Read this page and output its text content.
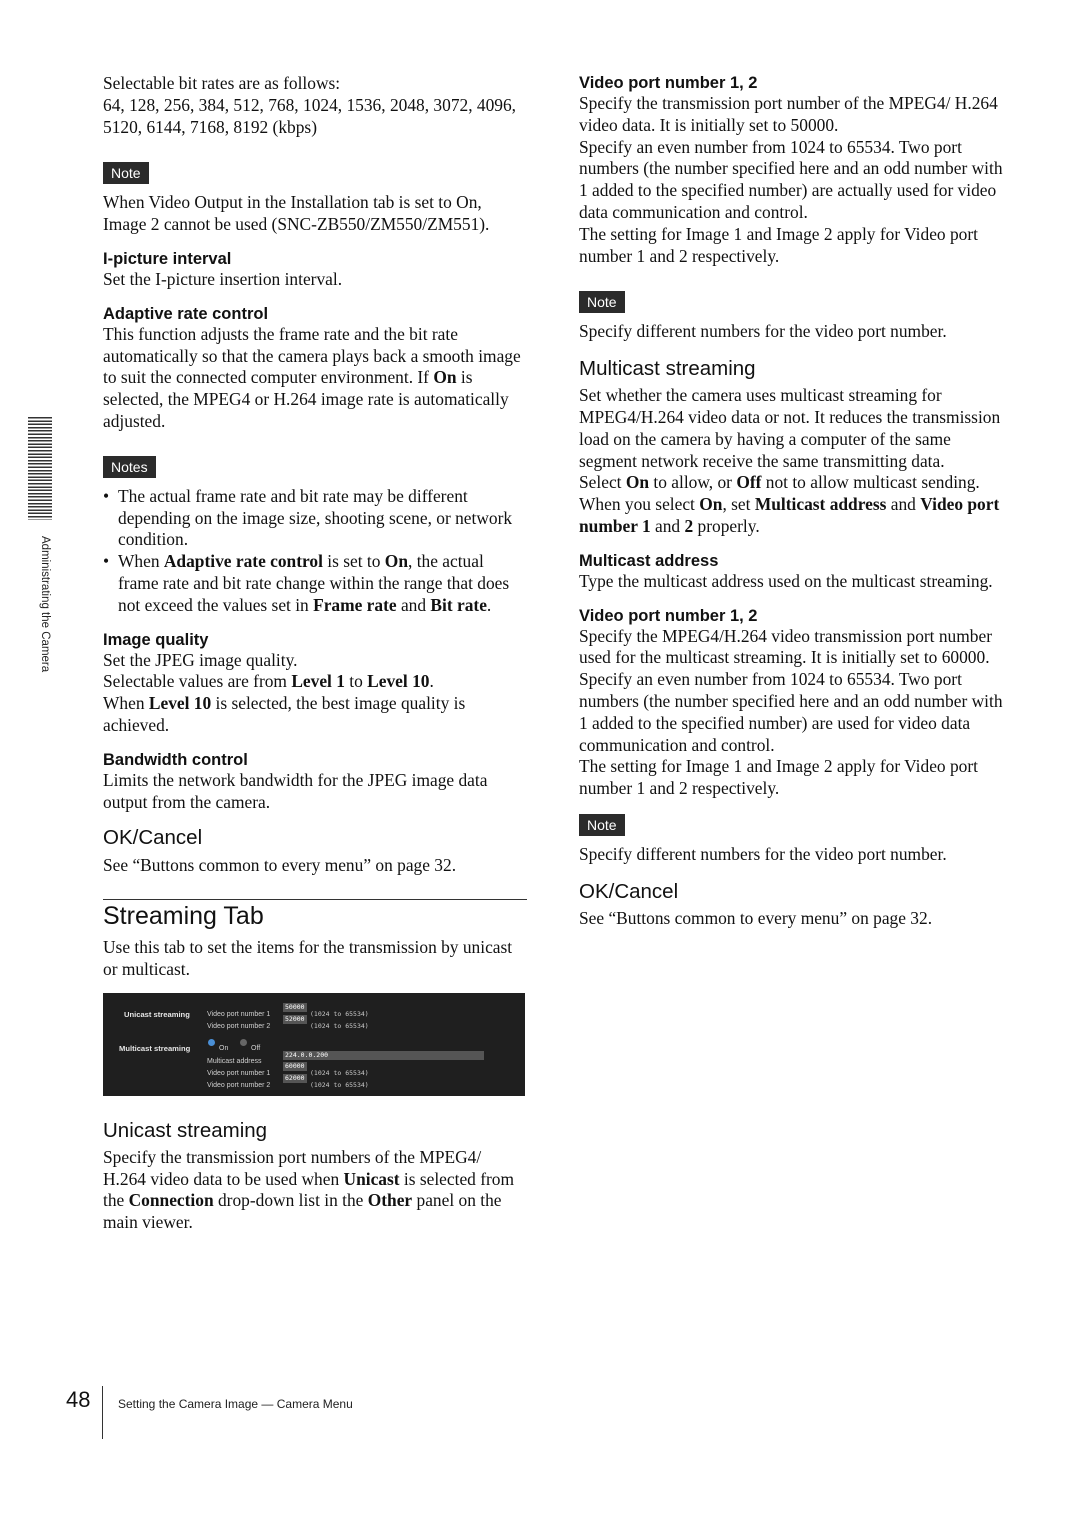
Administrating the Camera

Selectable bit rates are as follows:

64, 128, 256, 384, 512, 768, 1024, 1536, 2048, 3072, 4096, 5120, 6144, 7168, 8192 (kbps)

Note

When Video Output in the Installation tab is set to On, Image 2 cannot be used (SNC-ZB550/ZM550/ZM551).

I-picture interval

Set the I-picture insertion interval.

Adaptive rate control

This function adjusts the frame rate and the bit rate automatically so that the camera plays back a smooth image to suit the connected computer environment. If On is selected, the MPEG4 or H.264 image rate is automatically adjusted.

Notes
• The actual frame rate and bit rate may be different depending on the image size, shooting scene, or network condition.
• When Adaptive rate control is set to On, the actual frame rate and bit rate change within the range that does not exceed the values set in Frame rate and Bit rate.

Image quality

Set the JPEG image quality.

Selectable values are from Level 1 to Level 10.

When Level 10 is selected, the best image quality is achieved.

Bandwidth control

Limits the network bandwidth for the JPEG image data output from the camera.

OK/Cancel

See “Buttons common to every menu” on page 32.

Streaming Tab

Use this tab to set the items for the transmission by unicast or multicast.

Unicast streaming Video port number 1
50000
(1024 to 65534)
Video port number 2
52000
(1024 to 65534)
Multicast streaming	On	Off
Multicast address
224.0.0.200
Video port number 1
60000
(1024 to 65534)
Video port number 2
62000
(1024 to 65534)

Unicast streaming

Specify the transmission port numbers of the MPEG4/ H.264 video data to be used when Unicast is selected from the Connection drop-down list in the Other panel on the main viewer.

Video port number 1, 2

Specify the transmission port number of the MPEG4/ H.264 video data. It is initially set to 50000.

Specify an even number from 1024 to 65534. Two port numbers (the number specified here and an odd number with 1 added to the specified number) are actually used for video data communication and control.

The setting for Image 1 and Image 2 apply for Video port number 1 and 2 respectively.

Note

Specify different numbers for the video port number.

Multicast streaming

Set whether the camera uses multicast streaming for MPEG4/H.264 video data or not. It reduces the transmission load on the camera by having a computer of the same segment network receive the same transmitting data.

Select On to allow, or Off not to allow multicast sending.

When you select On, set Multicast address and Video port number 1 and 2 properly.

Multicast address

Type the multicast address used on the multicast streaming.

Video port number 1, 2

Specify the MPEG4/H.264 video transmission port number used for the multicast streaming. It is initially set to 60000. Specify an even number from 1024 to 65534. Two port numbers (the number specified here and an odd number with 1 added to the specified number) are used for video data communication and control.

The setting for Image 1 and Image 2 apply for Video port number 1 and 2 respectively.

Note

Specify different numbers for the video port number.

OK/Cancel

See “Buttons common to every menu” on page 32.

48 Setting the Camera Image — Camera Menu
